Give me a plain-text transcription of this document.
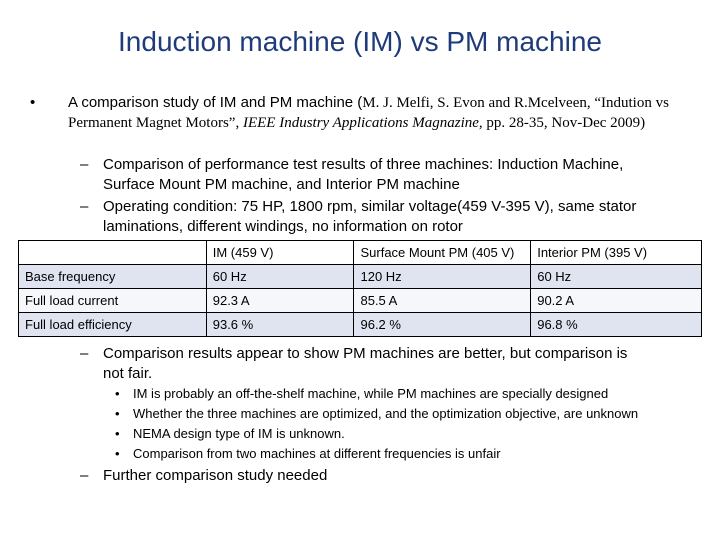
Induction machine (IM) vs PM machine
• A comparison study of IM and PM machine (M. J. Melfi, S. Evon and R.Mcelveen, “Indution vs Permanent Magnet Motors”, IEEE Industry Applications Magnazine, pp. 28-35, Nov-Dec 2009)
– Comparison of performance test results of three machines: Induction Machine,
Surface Mount PM machine, and Interior PM machine
– Operating condition: 75 HP, 1800 rpm, similar voltage(459 V-395 V), same stator
laminations, different windings, no information on rotor
– Comparison results appear to show PM machines are better, but comparison is
not fair.
	IM (459 V)	Surface Mount PM (405 V)	Interior PM (395 V)
Base frequency	60 Hz	120 Hz	60 Hz
Full load current	92.3 A	85.5 A	90.2 A
Full load efficiency	93.6 %	96.2 %	96.8 %
• IM is probably an off-the-shelf machine, while PM machines are specially designed
• Whether the three machines are optimized, and the optimization objective, are unknown
• NEMA design type of IM is unknown.
• Comparison from two machines at different frequencies is unfair
– Further comparison study needed
